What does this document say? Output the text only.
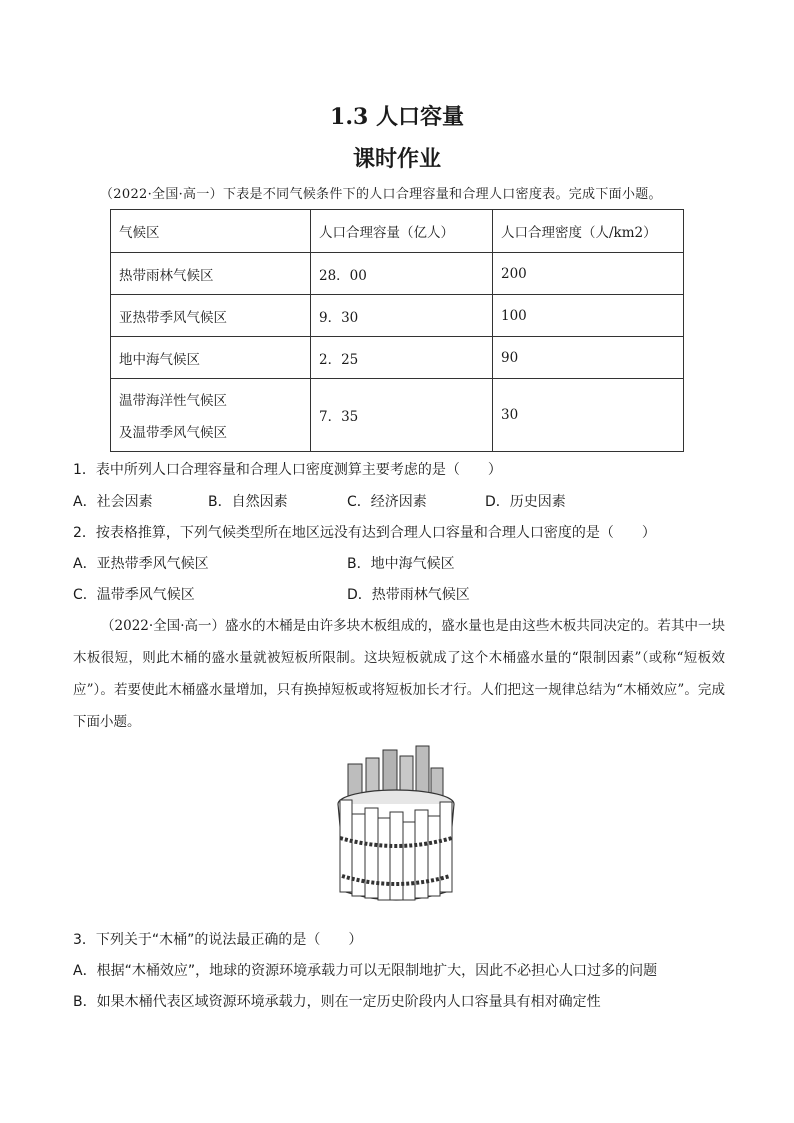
1.3 人口容量
课时作业
（2022·全国·高一）下表是不同气候条件下的人口合理容量和合理人口密度表。完成下面小题。
气候区	人口合理容量（亿人）	人口合理密度（人/km2）
热带雨林气候区	28．00	200
亚热带季风气候区	9．30	100
地中海气候区	2．25	90
温带海洋性气候区
及温带季风气候区	7．35	30
1．表中所列人口合理容量和合理人口密度测算主要考虑的是（　　）
A．社会因素	B．自然因素	C．经济因素	D．历史因素
2．按表格推算，下列气候类型所在地区远没有达到合理人口容量和合理人口密度的是（　　）
A．亚热带季风气候区	B．地中海气候区
C．温带季风气候区	D．热带雨林气候区
（2022·全国·高一）盛水的木桶是由许多块木板组成的，盛水量也是由这些木板共同决定的。若其中一块木板很短，则此木桶的盛水量就被短板所限制。这块短板就成了这个木桶盛水量的“限制因素”（或称“短板效应”）。若要使此木桶盛水量增加，只有换掉短板或将短板加长才行。人们把这一规律总结为“木桶效应”。完成下面小题。
3．下列关于“木桶”的说法最正确的是（　　）
A．根据“木桶效应”，地球的资源环境承载力可以无限制地扩大，因此不必担心人口过多的问题
B．如果木桶代表区域资源环境承载力，则在一定历史阶段内人口容量具有相对确定性
